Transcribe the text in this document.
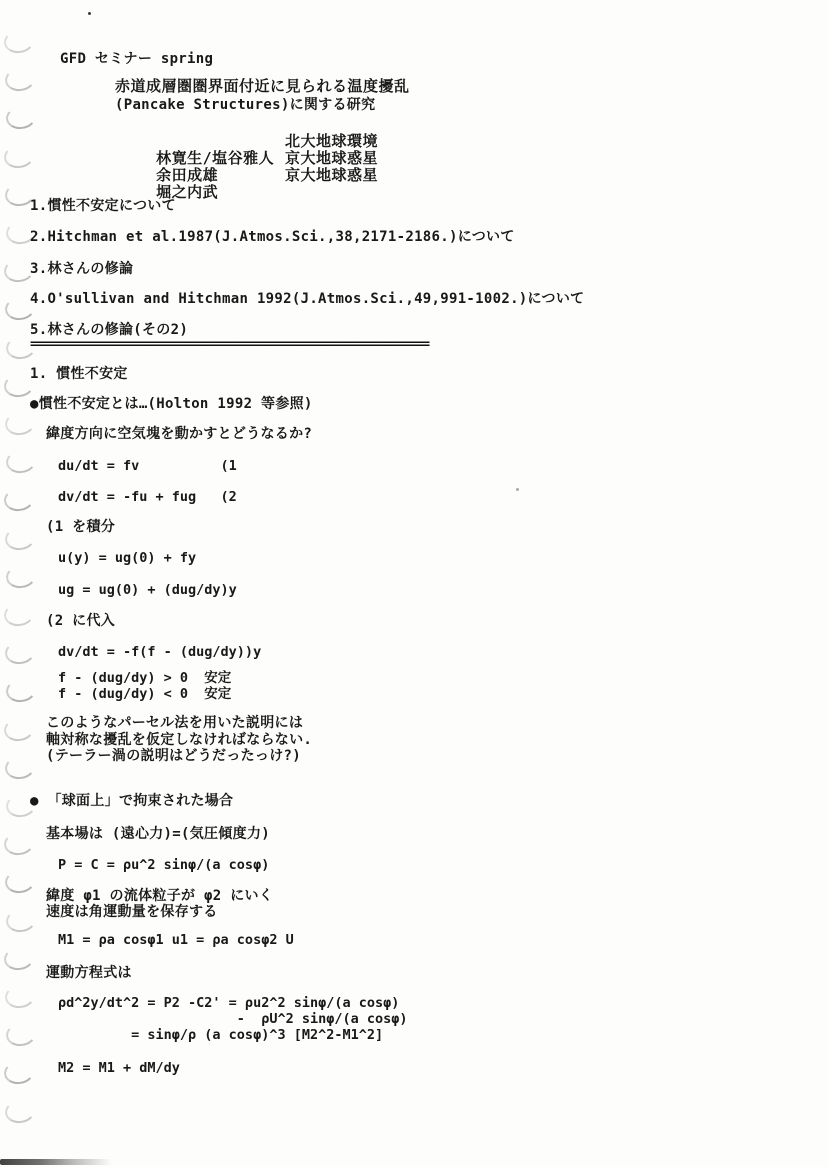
GFD セミナー spring
赤道成層圏圏界面付近に見られる温度擾乱
(Pancake Structures)に関する研究

林寛生/塩谷雅人

北大地球環境

余田成雄

京大地球惑星

堀之内武

京大地球惑星

1.慣性不安定について
2.Hitchman et al.1987(J.Atmos.Sci.,38,2171-2186.)について
3.林さんの修論
4.O'sullivan and Hitchman 1992(J.Atmos.Sci.,49,991-1002.)について
5.林さんの修論(その2)
===============================================================
1. 慣性不安定
●慣性不安定とは…(Holton 1992 等参照)
緯度方向に空気塊を動かすとどうなるか?
du/dt = fv          (1
dv/dt = -fu + fug   (2
(1 を積分
u(y) = ug(0) + fy
ug = ug(0) + (dug/dy)y
(2 に代入
dv/dt = -f(f - (dug/dy))y
f - (dug/dy) > 0  安定
f - (dug/dy) < 0  安定
このようなパーセル法を用いた説明には
軸対称な擾乱を仮定しなければならない.
(テーラー渦の説明はどうだったっけ?)
● 「球面上」で拘束された場合
基本場は (遠心力)=(気圧傾度力)
P = C = ρu^2 sinφ/(a cosφ)
緯度 φ1 の流体粒子が φ2 にいく
速度は角運動量を保存する
M1 = ρa cosφ1 u1 = ρa cosφ2 U
運動方程式は
ρd^2y/dt^2 = P2 -C2' = ρu2^2 sinφ/(a cosφ)
-  ρU^2 sinφ/(a cosφ)
= sinφ/ρ (a cosφ)^3 [M2^2-M1^2]
M2 = M1 + dM/dy
